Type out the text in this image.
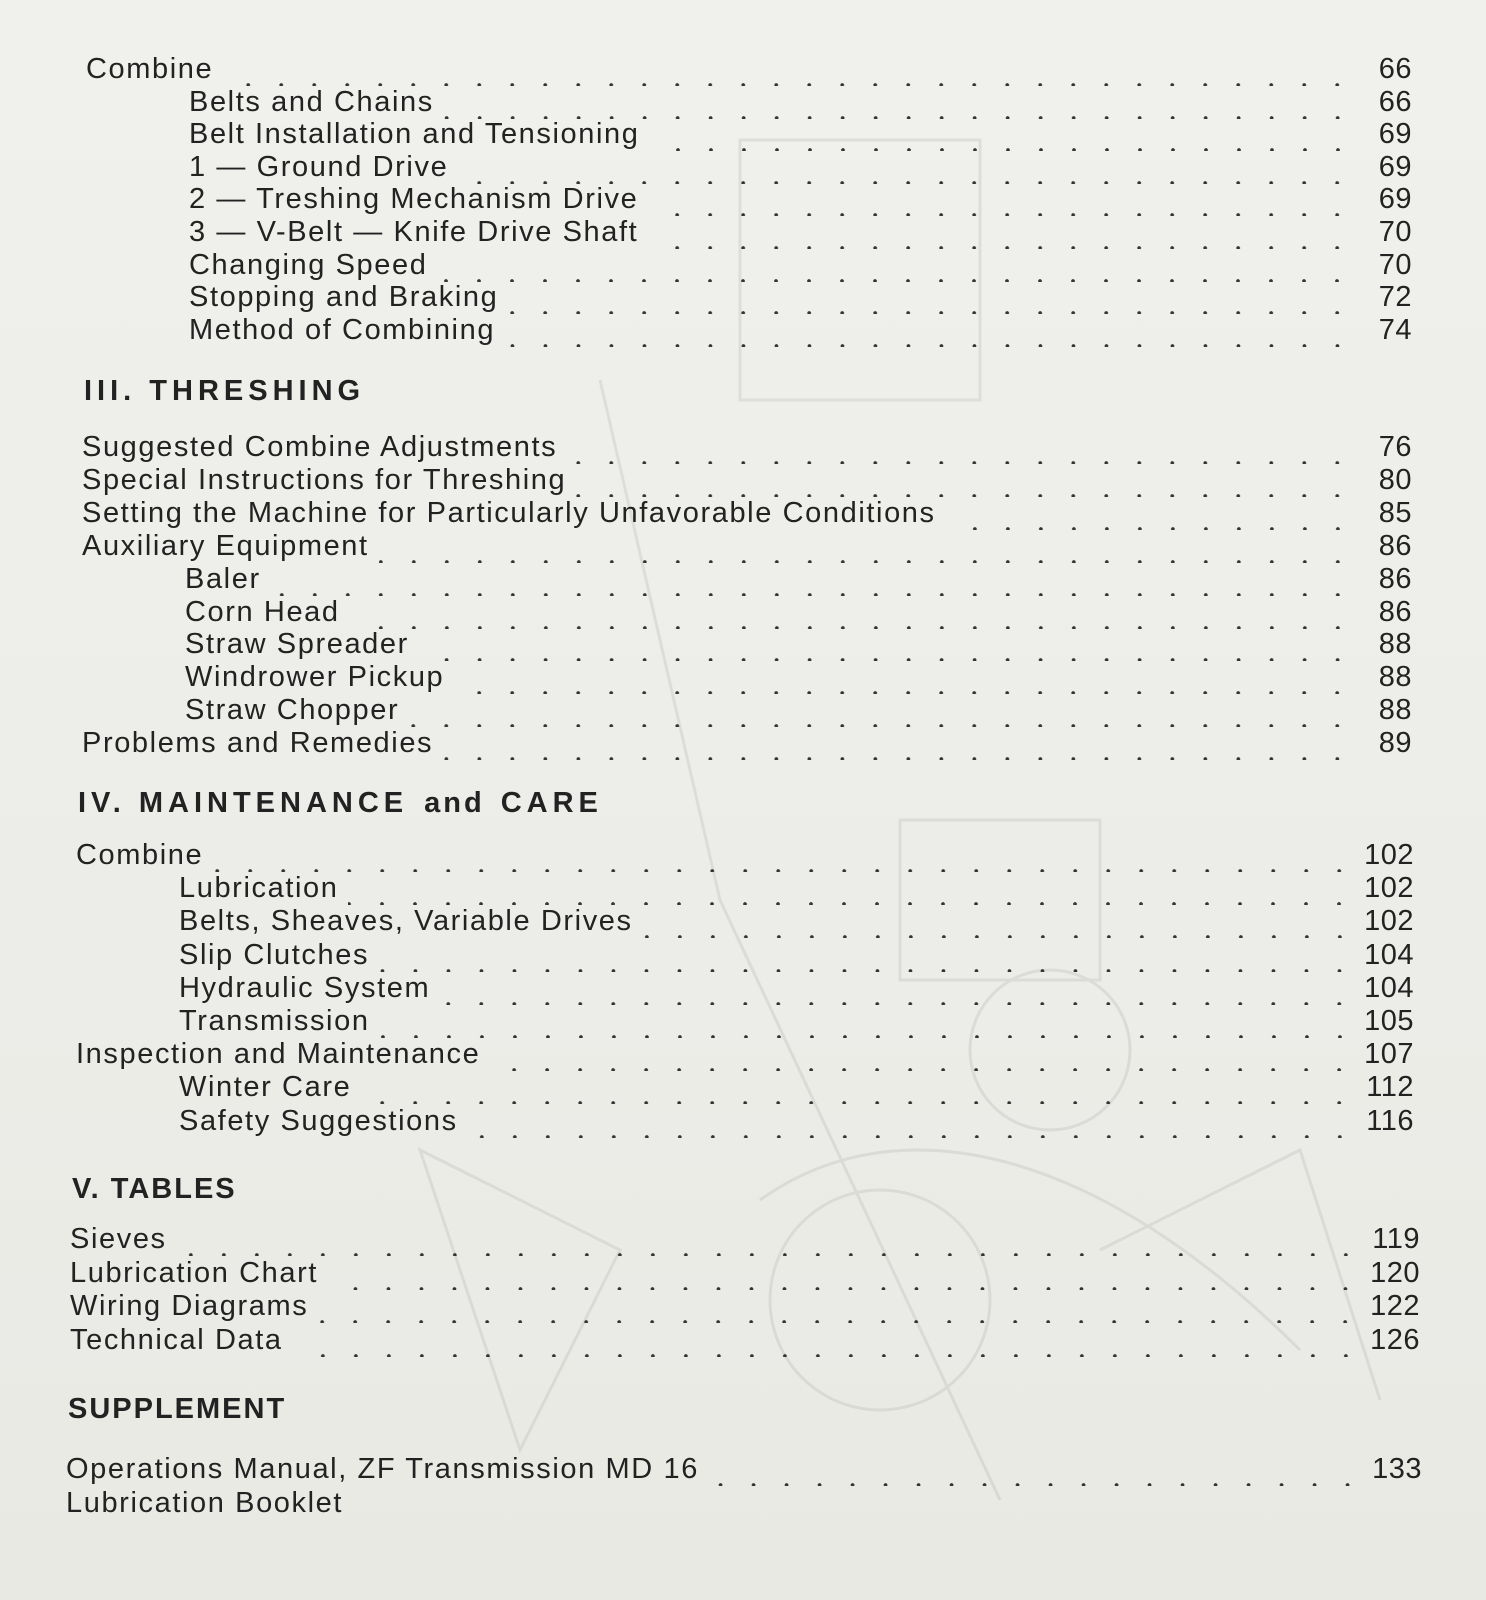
Combine	66
Belts and Chains	66
Belt Installation and Tensioning	69
1 — Ground Drive	69
2 — Treshing Mechanism Drive	69
3 — V-Belt — Knife Drive Shaft	70
Changing Speed	70
Stopping and Braking	72
Method of Combining	74
III. THRESHING
Suggested Combine Adjustments	76
Special Instructions for Threshing	80
Setting the Machine for Particularly Unfavorable Conditions	85
Auxiliary Equipment	86
Baler	86
Corn Head	86
Straw Spreader	88
Windrower Pickup	88
Straw Chopper	88
Problems and Remedies	89
IV. MAINTENANCE and CARE
Combine	102
Lubrication	102
Belts, Sheaves, Variable Drives	102
Slip Clutches	104
Hydraulic System	104
Transmission	105
Inspection and Maintenance	107
Winter Care	112
Safety Suggestions	116
V. TABLES
Sieves	119
Lubrication Chart	120
Wiring Diagrams	122
Technical Data	126
SUPPLEMENT
Operations Manual, ZF Transmission MD 16	133
Lubrication Booklet
